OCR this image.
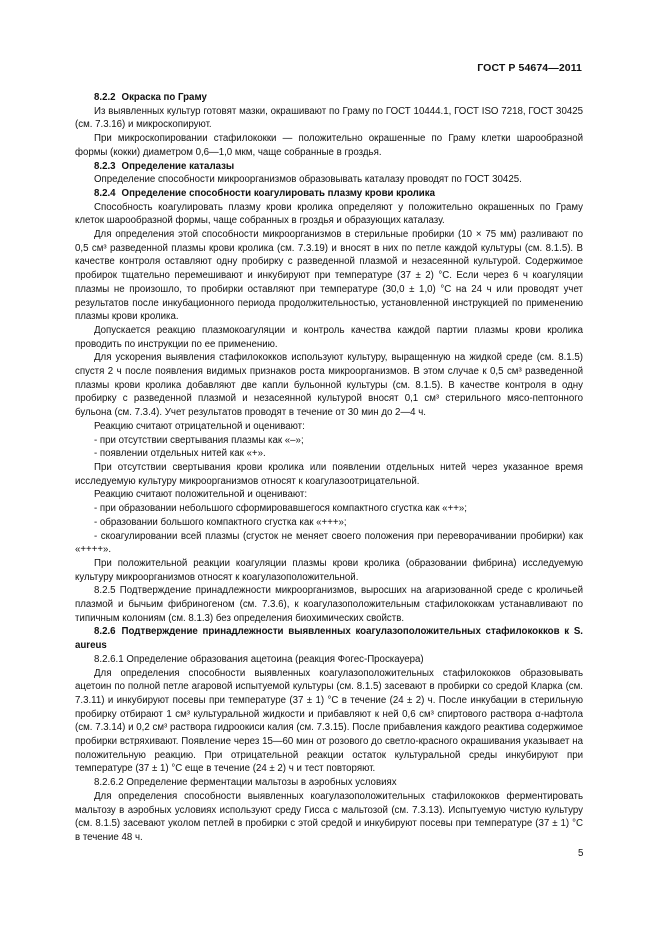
ГОСТ Р 54674—2011

8.2.2 Окраска по Граму

Из выявленных культур готовят мазки, окрашивают по Граму по ГОСТ 10444.1, ГОСТ ISO 7218, ГОСТ 30425 (см. 7.3.16) и микроскопируют.

При микроскопировании стафилококки — положительно окрашенные по Граму клетки шарообразной формы (кокки) диаметром 0,6—1,0 мкм, чаще собранные в гроздья.

8.2.3 Определение каталазы

Определение способности микроорганизмов образовывать каталазу проводят по ГОСТ 30425.

8.2.4 Определение способности коагулировать плазму крови кролика

Способность коагулировать плазму крови кролика определяют у положительно окрашенных по Граму клеток шарообразной формы, чаще собранных в гроздья и образующих каталазу.

Для определения этой способности микроорганизмов в стерильные пробирки (10 × 75 мм) разливают по 0,5 см³ разведенной плазмы крови кролика (см. 7.3.19) и вносят в них по петле каждой культуры (см. 8.1.5). В качестве контроля оставляют одну пробирку с разведенной плазмой и незасеянной культурой. Содержимое пробирок тщательно перемешивают и инкубируют при температуре (37 ± 2) °С. Если через 6 ч коагуляции плазмы не произошло, то пробирки оставляют при температуре (30,0 ± 1,0) °С на 24 ч или проводят учет результатов после инкубационного периода продолжительностью, установленной инструкцией по применению плазмы крови кролика.

Допускается реакцию плазмокоагуляции и контроль качества каждой партии плазмы крови кролика проводить по инструкции по ее применению.

Для ускорения выявления стафилококков используют культуру, выращенную на жидкой среде (см. 8.1.5) спустя 2 ч после появления видимых признаков роста микроорганизмов. В этом случае к 0,5 см³ разведенной плазмы крови кролика добавляют две капли бульонной культуры (см. 8.1.5). В качестве контроля в одну пробирку с разведенной плазмой и незасеянной культурой вносят 0,1 см³ стерильного мясо-пептонного бульона (см. 7.3.4). Учет результатов проводят в течение от 30 мин до 2—4 ч.

Реакцию считают отрицательной и оценивают:

- при отсутствии свертывания плазмы как «–»;

- появлении отдельных нитей как «+».

При отсутствии свертывания крови кролика или появлении отдельных нитей через указанное время исследуемую культуру микроорганизмов относят к коагулазоотрицательной.

Реакцию считают положительной и оценивают:

- при образовании небольшого сформировавшегося компактного сгустка как «++»;

- образовании большого компактного сгустка как «+++»;

- скоагулировании всей плазмы (сгусток не меняет своего положения при переворачивании пробирки) как «++++».

При положительной реакции коагуляции плазмы крови кролика (образовании фибрина) исследуемую культуру микроорганизмов относят к коагулазоположительной.

8.2.5 Подтверждение принадлежности микроорганизмов, выросших на агаризованной среде с кроличьей плазмой и бычьим фибриногеном (см. 7.3.6), к коагулазоположительным стафилококкам устанавливают по типичным колониям (см. 8.1.3) без определения биохимических свойств.

8.2.6 Подтверждение принадлежности выявленных коагулазоположительных стафилококков к S. aureus

8.2.6.1 Определение образования ацетоина (реакция Фогес-Проскауера)

Для определения способности выявленных коагулазоположительных стафилококков образовывать ацетоин по полной петле агаровой испытуемой культуры (см. 8.1.5) засевают в пробирки со средой Кларка (см. 7.3.11) и инкубируют посевы при температуре (37 ± 1) °С в течение (24 ± 2) ч. После инкубации в стерильную пробирку отбирают 1 см³ культуральной жидкости и прибавляют к ней 0,6 см³ спиртового раствора α-нафтола (см. 7.3.14) и 0,2 см³ раствора гидроокиси калия (см. 7.3.15). После прибавления каждого реактива содержимое пробирки встряхивают. Появление через 15—60 мин от розового до светло-красного окрашивания указывает на положительную реакцию. При отрицательной реакции остаток культуральной среды инкубируют при температуре (37 ± 1) °С еще в течение (24 ± 2) ч и тест повторяют.

8.2.6.2 Определение ферментации мальтозы в аэробных условиях

Для определения способности выявленных коагулазоположительных стафилококков ферментировать мальтозу в аэробных условиях используют среду Гисса с мальтозой (см. 7.3.13). Испытуемую чистую культуру (см. 8.1.5) засевают уколом петлей в пробирки с этой средой и инкубируют посевы при температуре (37 ± 1) °С в течение 48 ч.

5
